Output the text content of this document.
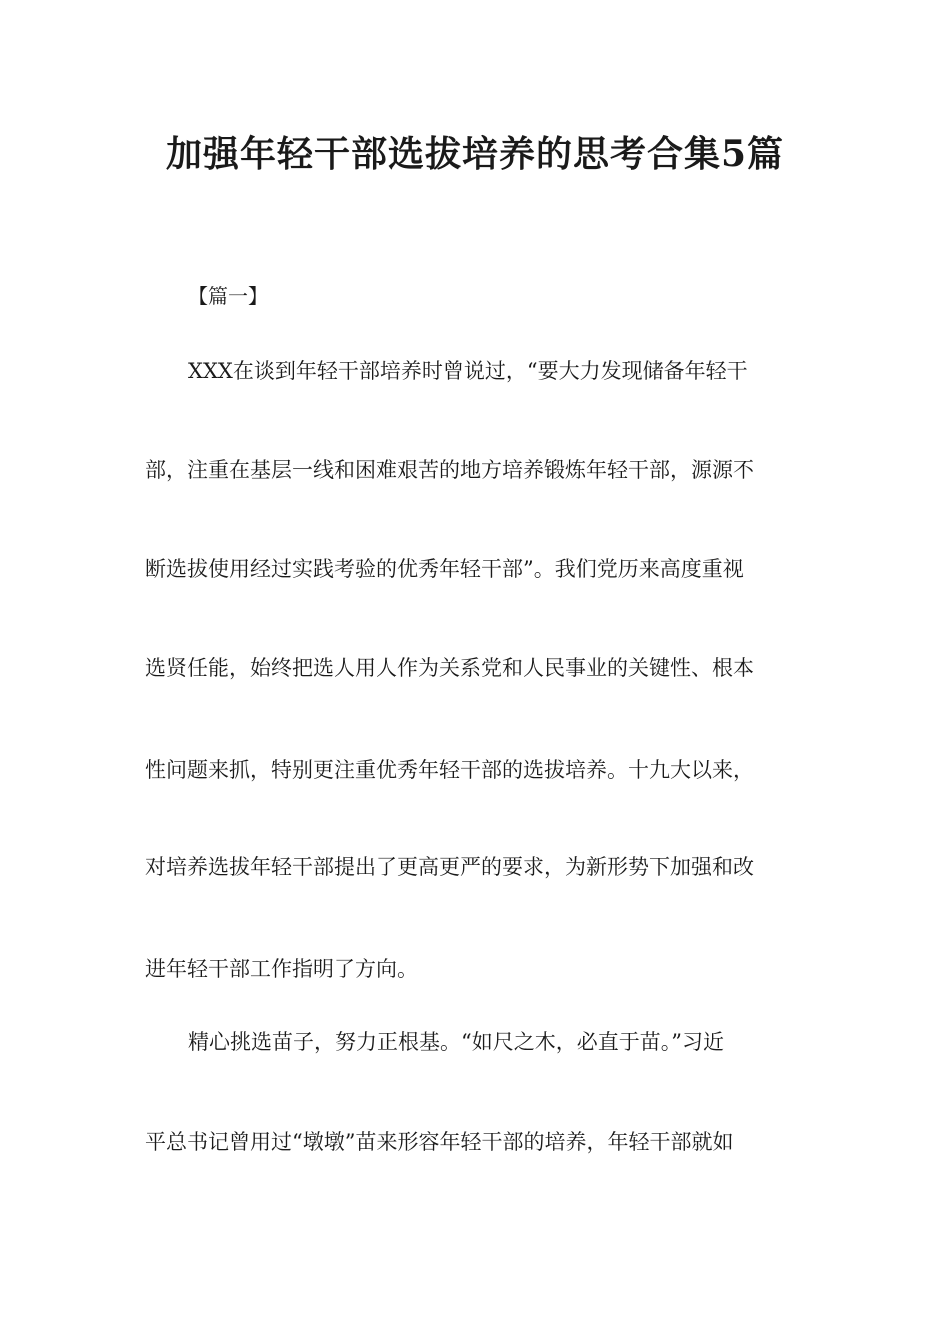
加强年轻干部选拔培养的思考合集5篇

【篇一】

XXX在谈到年轻干部培养时曾说过，“要大力发现储备年轻干
部，注重在基层一线和困难艰苦的地方培养锻炼年轻干部，源源不
断选拔使用经过实践考验的优秀年轻干部”。我们党历来高度重视
选贤任能，始终把选人用人作为关系党和人民事业的关键性、根本
性问题来抓，特别更注重优秀年轻干部的选拔培养。十九大以来，
对培养选拔年轻干部提出了更高更严的要求，为新形势下加强和改
进年轻干部工作指明了方向。
精心挑选苗子，努力正根基。“如尺之木，必直于苗。”习近
平总书记曾用过“墩墩”苗来形容年轻干部的培养，年轻干部就如
